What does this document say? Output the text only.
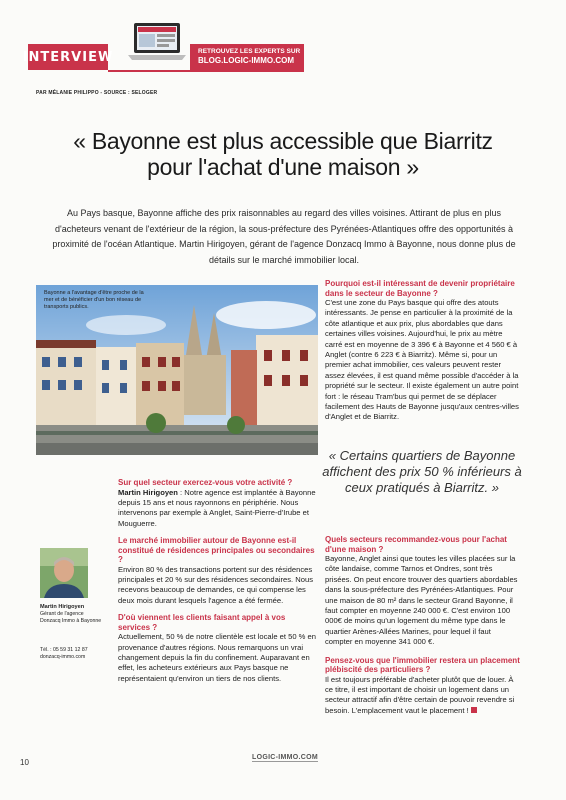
INTERVIEW	RETROUVEZ LES EXPERTS SUR
BLOG.LOGIC-IMMO.COM
PAR MÉLANIE PHILIPPO - SOURCE : SELOGER
« Bayonne est plus accessible que Biarritz
pour l'achat d'une maison »
Au Pays basque, Bayonne affiche des prix raisonnables au regard des villes voisines. Attirant de plus en plus d'acheteurs venant de l'extérieur de la région, la sous-préfecture des Pyrénées-Atlantiques offre des opportunités à proximité de l'océan Atlantique. Martin Hirigoyen, gérant de l'agence Donzacq Immo à Bayonne, nous donne plus de détails sur le marché immobilier local.
Bayonne a l'avantage d'être proche de la mer et de bénéficier d'un bon réseau de transports publics.
Pourquoi est-il intéressant de devenir propriétaire dans le secteur de Bayonne ?
C'est une zone du Pays basque qui offre des atouts intéressants. Je pense en particulier à la proximité de la côte atlantique et aux prix, plus abordables que dans certaines villes voisines. Aujourd'hui, le prix au mètre carré est en moyenne de 3 396 € à Bayonne et 4 560 € à Anglet (contre 6 223 € à Biarritz). Même si, pour un premier achat immobilier, ces valeurs peuvent rester assez élevées, il est quand même possible d'accéder à la propriété sur le secteur. Il existe également un autre point fort : le réseau Tram'bus qui permet de se déplacer facilement des Hauts de Bayonne jusqu'aux centres-villes d'Anglet et de Biarritz.
« Certains quartiers de Bayonne affichent des prix 50 % inférieurs à ceux pratiqués à Biarritz. »
Quels secteurs recommandez-vous pour l'achat d'une maison ?
Bayonne, Anglet ainsi que toutes les villes placées sur la côte landaise, comme Tarnos et Ondres, sont très prisées. On peut encore trouver des quartiers abordables dans la sous-préfecture des Pyrénées-Atlantiques. Pour une maison de 80 m² dans le secteur Grand Bayonne, il faut compter en moyenne 240 000 €. C'est environ 100 000€ de moins qu'un logement du même type dans le quartier Arènes-Allées Marines, pour lequel il faut compter en moyenne 341 000 €.
Pensez-vous que l'immobilier restera un placement plébiscité des particuliers ?
Il est toujours préférable d'acheter plutôt que de louer. À ce titre, il est important de choisir un logement dans un secteur attractif afin d'être certain de pouvoir revendre si besoin. L'emplacement vaut le placement !
Sur quel secteur exercez-vous votre activité ?
Martin Hirigoyen : Notre agence est implantée à Bayonne depuis 15 ans et nous rayonnons en périphérie. Nous intervenons par exemple à Anglet, Saint-Pierre-d'Irube et Mouguerre.
Le marché immobilier autour de Bayonne est-il constitué de résidences principales ou secondaires ?
Environ 80 % des transactions portent sur des résidences principales et 20 % sur des résidences secondaires. Nous recevons beaucoup de demandes, ce qui compense les deux mois durant lesquels l'agence a été fermée.
D'où viennent les clients faisant appel à vos services ?
Actuellement, 50 % de notre clientèle est locale et 50 % en provenance d'autres régions. Nous remarquons un vrai changement depuis la fin du confinement. Auparavant en effet, les acheteurs extérieurs aux Pays basque ne représentaient qu'environ un tiers de nos clients.
Martin Hirigoyen
Gérant de l'agence
Donzacq Immo à Bayonne
Tél. : 05 59 31 12 87
donzacq-immo.com
10
LOGIC-IMMO.COM
